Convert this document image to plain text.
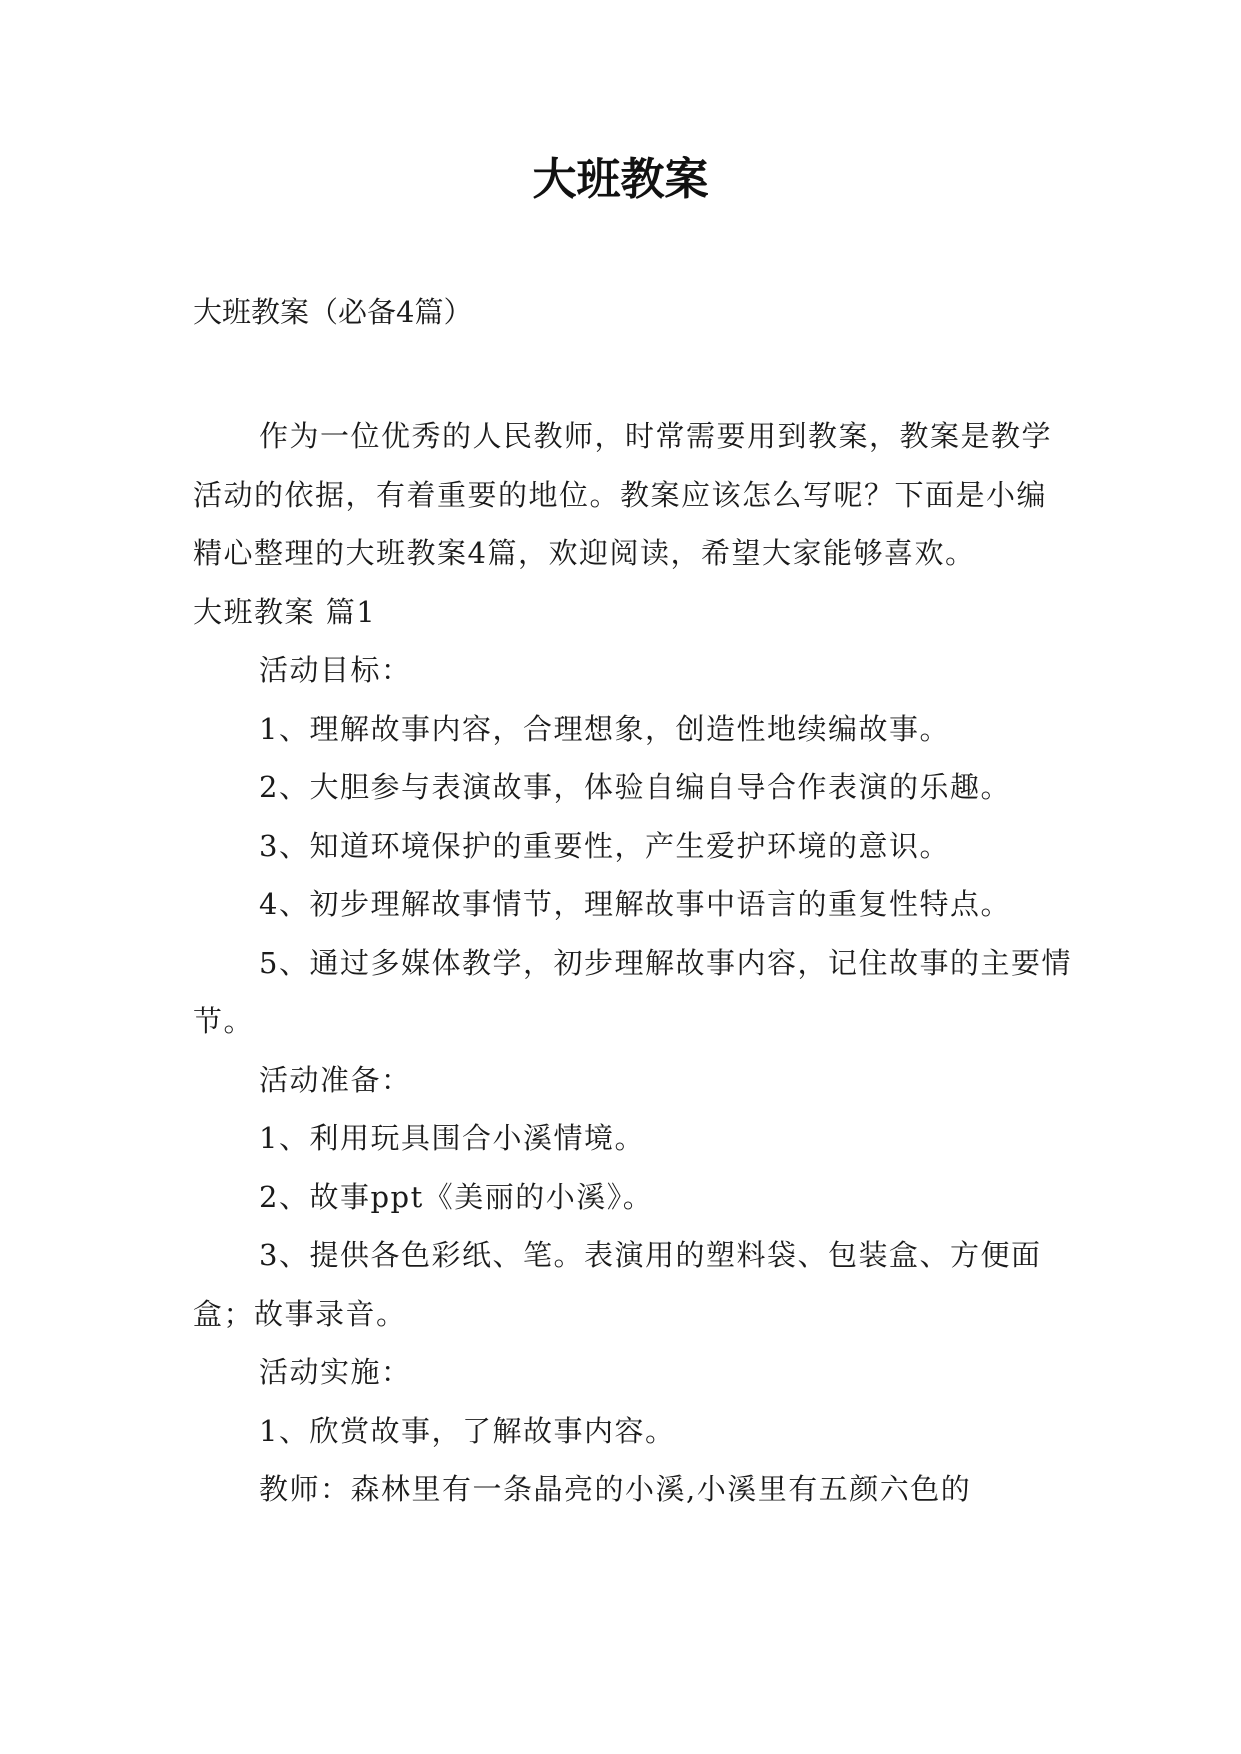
大班教案
大班教案（必备4篇）

作为一位优秀的人民教师，时常需要用到教案，教案是教学活动的依据，有着重要的地位。教案应该怎么写呢？下面是小编精心整理的大班教案4篇，欢迎阅读，希望大家能够喜欢。

大班教案 篇1

活动目标：

1、理解故事内容，合理想象，创造性地续编故事。

2、大胆参与表演故事，体验自编自导合作表演的乐趣。

3、知道环境保护的重要性，产生爱护环境的意识。

4、初步理解故事情节，理解故事中语言的重复性特点。

5、通过多媒体教学，初步理解故事内容，记住故事的主要情节。

活动准备：

1、利用玩具围合小溪情境。

2、故事ppt《美丽的小溪》。

3、提供各色彩纸、笔。表演用的塑料袋、包装盒、方便面盒；故事录音。

活动实施：

1、欣赏故事，了解故事内容。

教师：森林里有一条晶亮的小溪,小溪里有五颜六色的
